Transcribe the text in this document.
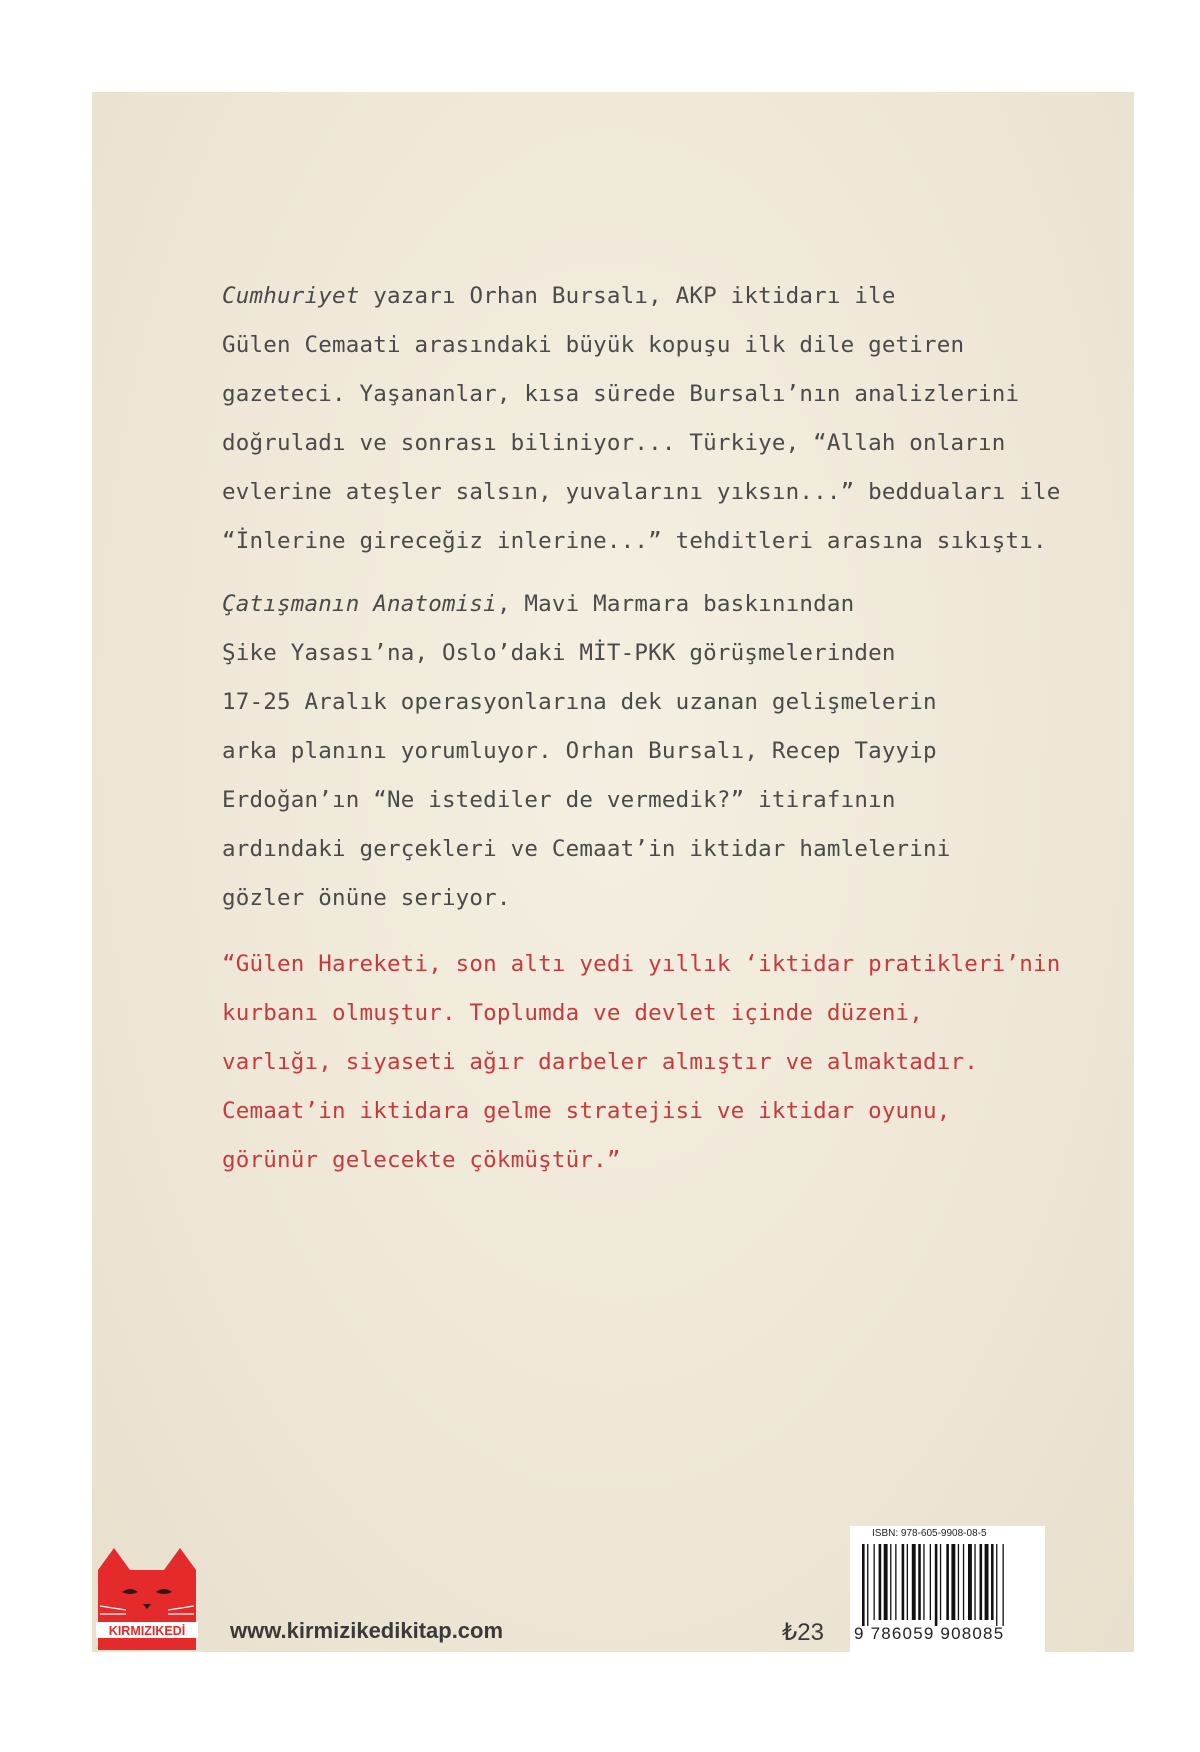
Cumhuriyet yazarı Orhan Bursalı, AKP iktidarı ile
Gülen Cemaati arasındaki büyük kopuşu ilk dile getiren
gazeteci. Yaşananlar, kısa sürede Bursalı’nın analizlerini
doğruladı ve sonrası biliniyor... Türkiye, “Allah onların
evlerine ateşler salsın, yuvalarını yıksın...” bedduaları ile
“İnlerine gireceğiz inlerine...” tehditleri arasına sıkıştı.
Çatışmanın Anatomisi, Mavi Marmara baskınından
Şike Yasası’na, Oslo’daki MİT-PKK görüşmelerinden
17-25 Aralık operasyonlarına dek uzanan gelişmelerin
arka planını yorumluyor. Orhan Bursalı, Recep Tayyip
Erdoğan’ın “Ne istediler de vermedik?” itirafının
ardındaki gerçekleri ve Cemaat’in iktidar hamlelerini
gözler önüne seriyor.
“Gülen Hareketi, son altı yedi yıllık ‘iktidar pratikleri’nin
kurbanı olmuştur. Toplumda ve devlet içinde düzeni,
varlığı, siyaseti ağır darbeler almıştır ve almaktadır.
Cemaat’in iktidara gelme stratejisi ve iktidar oyunu,
görünür gelecekte çökmüştür.”
KIRMIZIKEDİ www.kirmizikedikitap.com	₺23
ISBN: 978-605-9908-08-5
9 786059 908085
